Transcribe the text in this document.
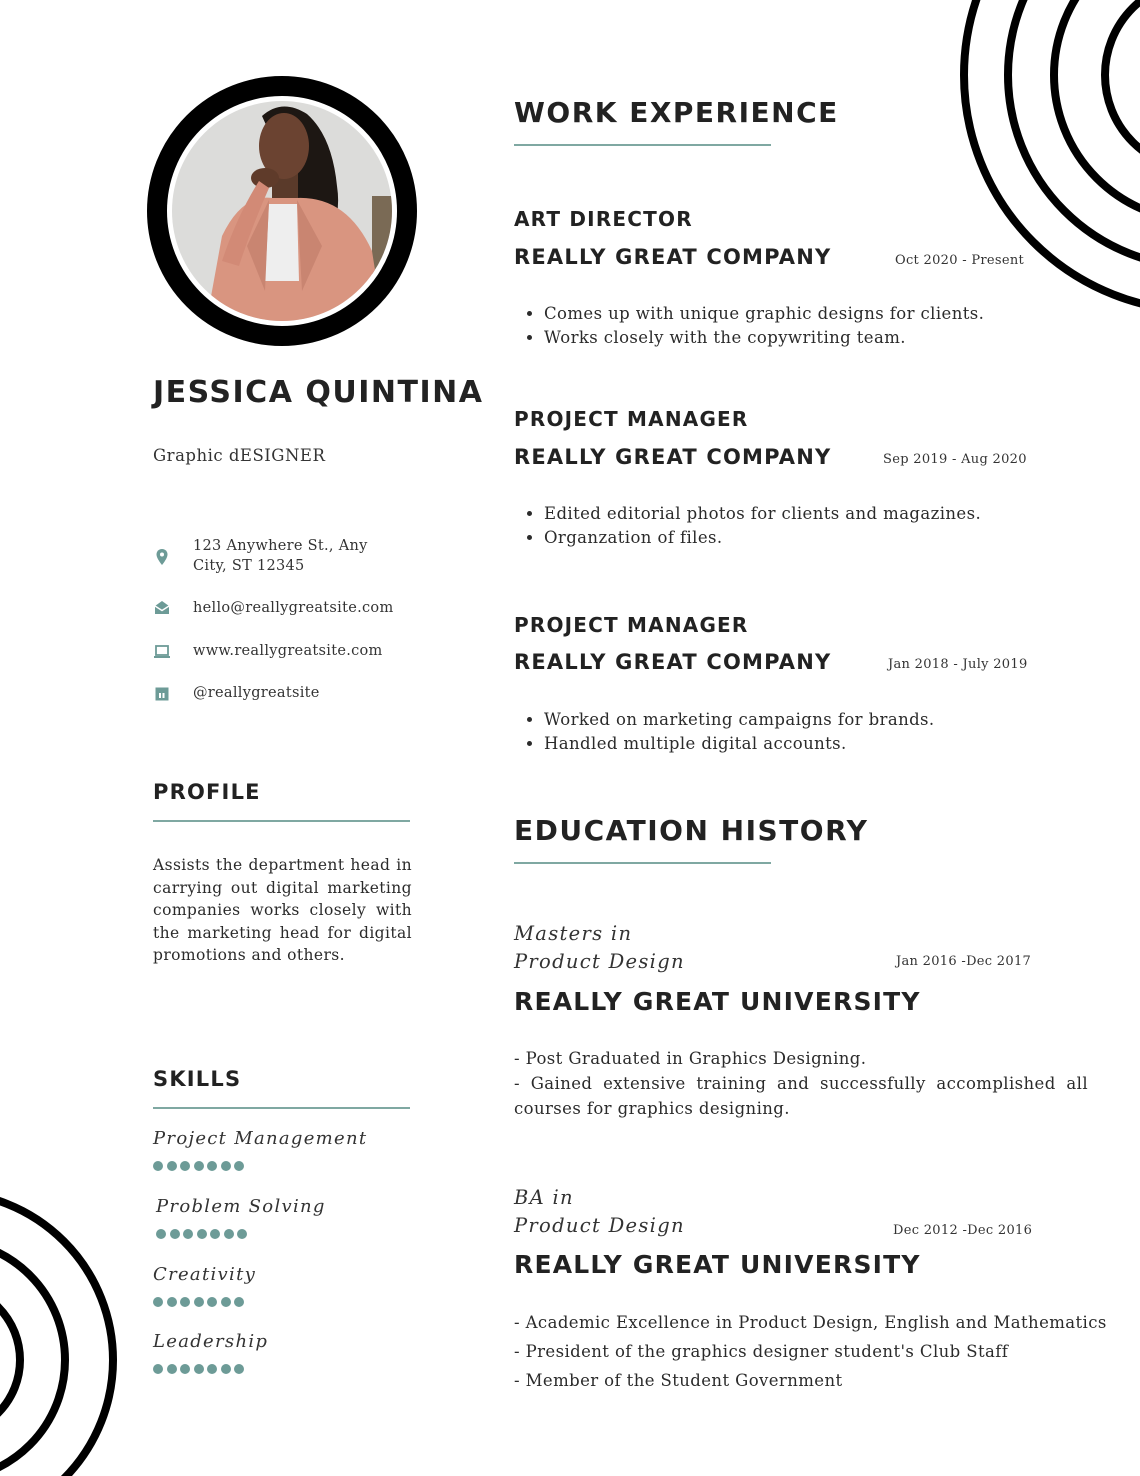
JESSICA QUINTINA
Graphic dESIGNER
123 Anywhere St., Any
City, ST 12345
hello@reallygreatsite.com
www.reallygreatsite.com
@reallygreatsite
PROFILE

Assists the department head in carrying out digital marketing companies works closely with the marketing head for digital promotions and others.

SKILLS
Project Management
Problem Solving
Creativity
Leadership
WORK EXPERIENCE
ART DIRECTOR
REALLY GREAT COMPANY	Oct 2020 - Present
• Comes up with unique graphic designs for clients.
• Works closely with the copywriting team.
PROJECT MANAGER
REALLY GREAT COMPANY	Sep 2019 - Aug 2020
• Edited editorial photos for clients and magazines.
• Organzation of files.
PROJECT MANAGER
REALLY GREAT COMPANY	Jan 2018 - July 2019
• Worked on marketing campaigns for brands.
• Handled multiple digital accounts.
EDUCATION HISTORY
Masters in
Product Design	Jan 2016 -Dec 2017
REALLY GREAT UNIVERSITY
- Post Graduated in Graphics Designing.
- Gained extensive training and successfully accomplished all courses for graphics designing.
BA in
Product Design	Dec 2012 -Dec 2016
REALLY GREAT UNIVERSITY
- Academic Excellence in Product Design, English and Mathematics
- President of the graphics designer student's Club Staff
- Member of the Student Government
